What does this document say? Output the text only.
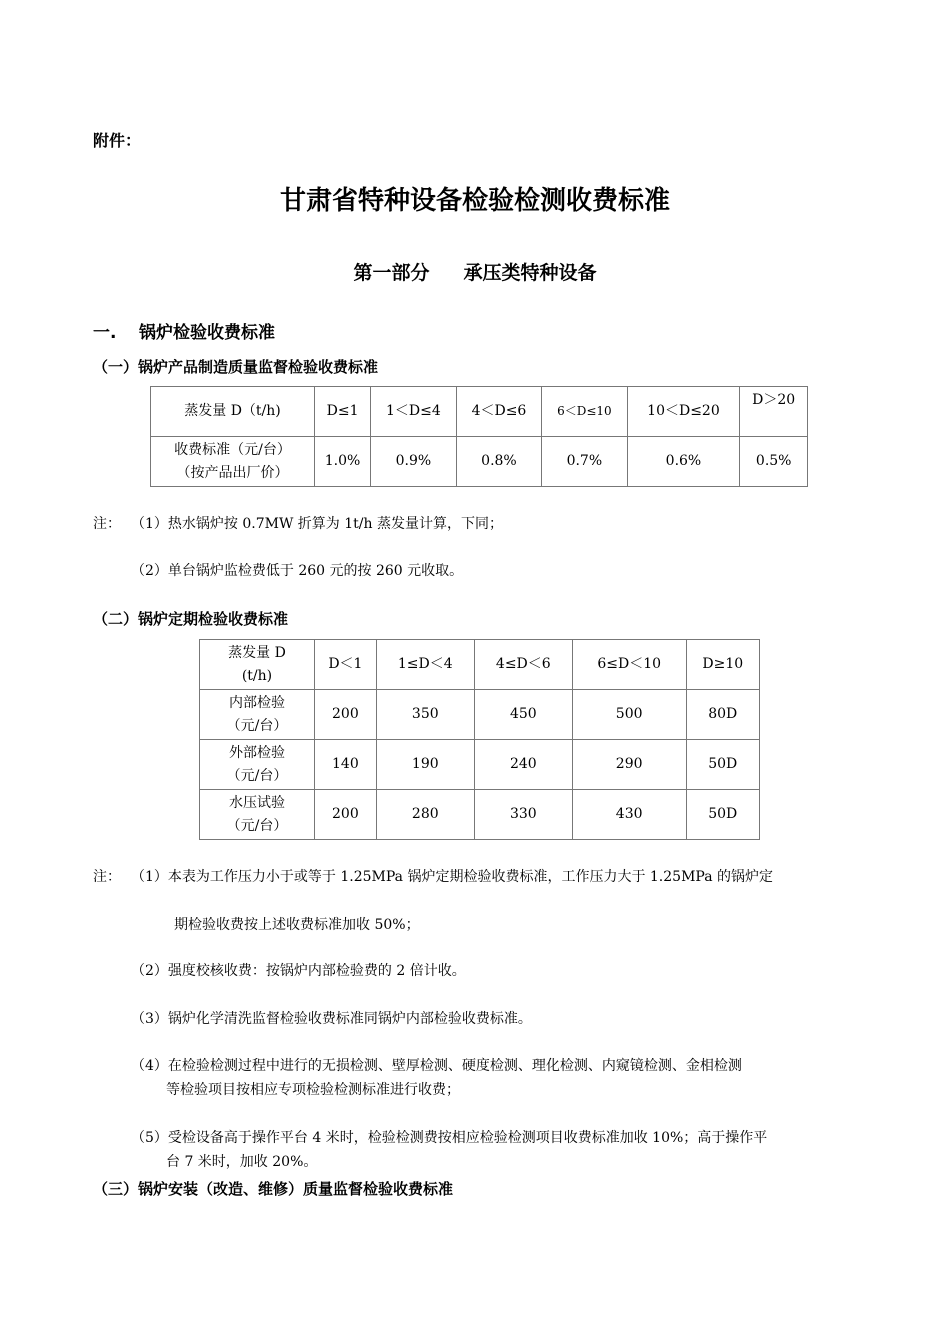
附件：
甘肃省特种设备检验检测收费标准
第一部分 承压类特种设备
一. 锅炉检验收费标准
（一）锅炉产品制造质量监督检验收费标准
蒸发量 D（t/h)	D≤1	1＜D≤4	4＜D≤6	6＜D≤10	10＜D≤20	D＞20

收费标准（元/台）
（按产品出厂价）	1.0%	0.9%	0.8%	0.7%	0.6%	0.5%
注： （1）热水锅炉按 0.7MW 折算为 1t/h 蒸发量计算，下同；
（2）单台锅炉监检费低于 260 元的按 260 元收取。
（二）锅炉定期检验收费标准
蒸发量 D
(t/h)	D＜1	1≤D＜4	4≤D＜6	6≤D＜10	D≥10

内部检验
（元/台）	200	350	450	500	80D

外部检验
（元/台）	140	190	240	290	50D

水压试验
（元/台）	200	280	330	430	50D
注： （1）本表为工作压力小于或等于 1.25MPa 锅炉定期检验收费标准，工作压力大于 1.25MPa 的锅炉定
期检验收费按上述收费标准加收 50%；
（2）强度校核收费：按锅炉内部检验费的 2 倍计收。
（3）锅炉化学清洗监督检验收费标准同锅炉内部检验收费标准。
（4）在检验检测过程中进行的无损检测、壁厚检测、硬度检测、理化检测、内窥镜检测、金相检测
等检验项目按相应专项检验检测标准进行收费；
（5）受检设备高于操作平台 4 米时，检验检测费按相应检验检测项目收费标准加收 10%；高于操作平
台 7 米时，加收 20%。
（三）锅炉安装（改造、维修）质量监督检验收费标准
